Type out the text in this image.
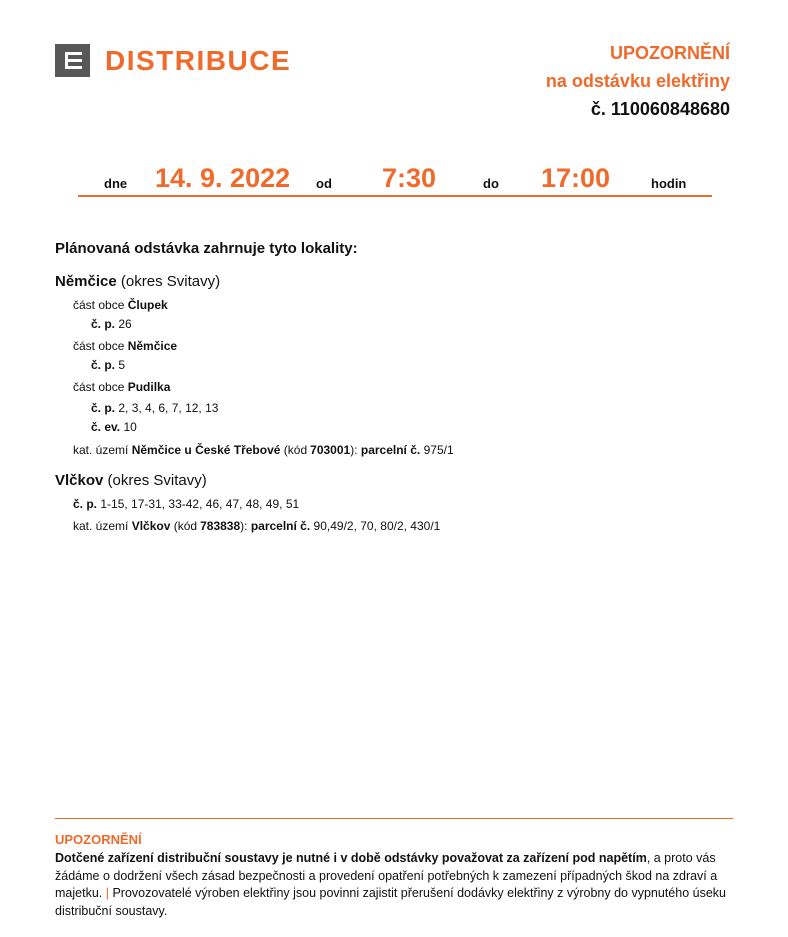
DISTRIBUCE	UPOZORNĚNÍ
na odstávku elektřiny
č. 110060848680
dne 14. 9. 2022 od 7:30	do 17:00	hodin
Plánovaná odstávka zahrnuje tyto lokality:
Němčice (okres Svitavy)
část obce Člupek
č. p. 26
část obce Němčice
č. p. 5
část obce Pudilka
č. p. 2, 3, 4, 6, 7, 12, 13
č. ev. 10
kat. území Němčice u České Třebové (kód 703001): parcelní č. 975/1
Vlčkov (okres Svitavy)
č. p. 1-15, 17-31, 33-42, 46, 47, 48, 49, 51
kat. území Vlčkov (kód 783838): parcelní č. 90,49/2, 70, 80/2, 430/1
UPOZORNĚNÍ
Dotčené zařízení distribuční soustavy je nutné i v době odstávky považovat za zařízení pod napětím, a proto vás žádáme o dodržení všech zásad bezpečnosti a provedení opatření potřebných k zamezení případných škod na zdraví a majetku. | Provozovatelé výroben elektřiny jsou povinni zajistit přerušení dodávky elektřiny z výrobny do vypnutého úseku distribuční soustavy.
